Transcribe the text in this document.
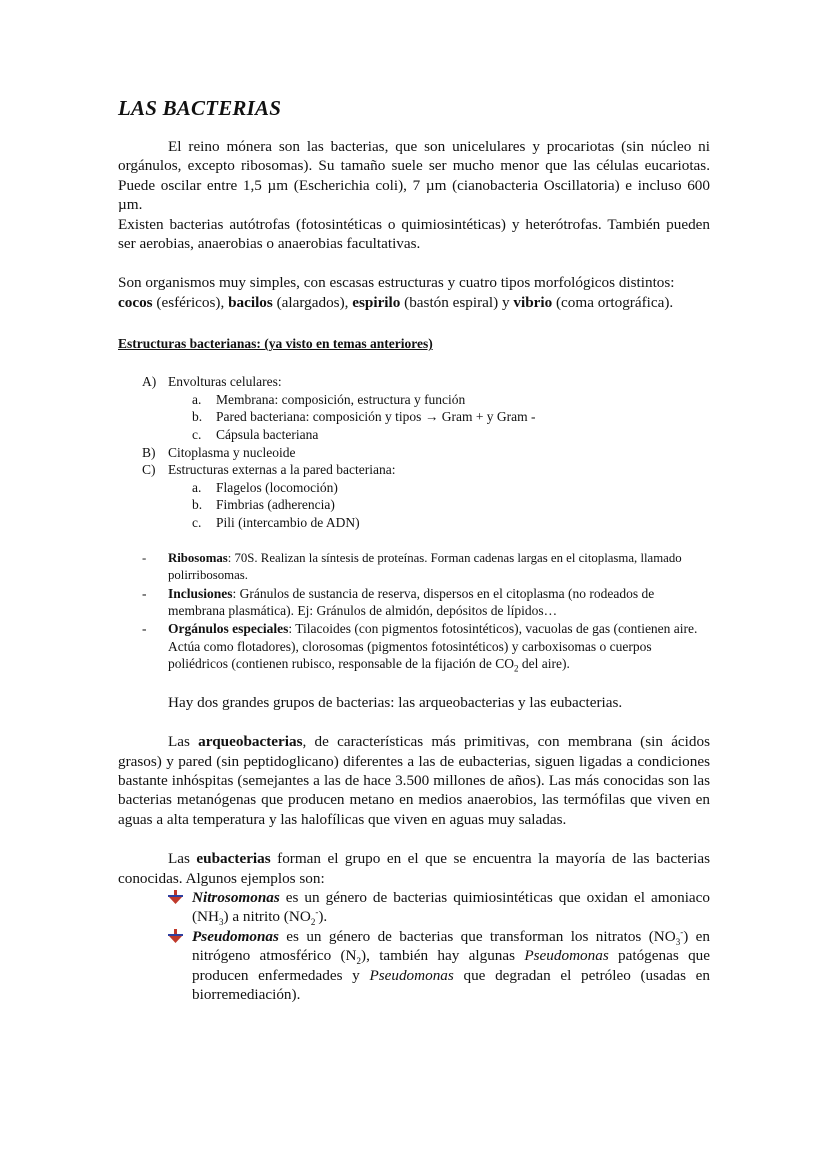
LAS BACTERIAS

El reino mónera son las bacterias, que son unicelulares y procariotas (sin núcleo ni orgánulos, excepto ribosomas). Su tamaño suele ser mucho menor que las células eucariotas. Puede oscilar entre 1,5 µm (Escherichia coli), 7 µm (cianobacteria Oscillatoria) e incluso 600 µm.

Existen bacterias autótrofas (fotosintéticas o quimiosintéticas) y heterótrofas. También pueden ser aerobias, anaerobias o anaerobias facultativas.

Son organismos muy simples, con escasas estructuras y cuatro tipos morfológicos distintos: cocos (esféricos), bacilos (alargados), espirilo (bastón espiral) y vibrio (coma ortográfica).

Estructuras bacterianas: (ya visto en temas anteriores)
A) Envolturas celulares:
a.	Membrana: composición, estructura y función
b.	Pared bacteriana: composición y tipos → Gram + y Gram -
c.	Cápsula bacteriana
B) Citoplasma y nucleoide
C) Estructuras externas a la pared bacteriana:
a.	Flagelos (locomoción)
b.	Fimbrias (adherencia)
c.	Pili (intercambio de ADN)
-	Ribosomas: 70S. Realizan la síntesis de proteínas. Forman cadenas largas en el citoplasma, llamado polirribosomas.
-	Inclusiones: Gránulos de sustancia de reserva, dispersos en el citoplasma (no rodeados de membrana plasmática). Ej: Gránulos de almidón, depósitos de lípidos…
-	Orgánulos especiales: Tilacoides (con pigmentos fotosintéticos), vacuolas de gas (contienen aire. Actúa como flotadores), clorosomas (pigmentos fotosintéticos) y carboxisomas o cuerpos poliédricos (contienen rubisco, responsable de la fijación de $CO_2$ del aire).

Hay dos grandes grupos de bacterias: las arqueobacterias y las eubacterias.

Las arqueobacterias, de características más primitivas, con membrana (sin ácidos grasos) y pared (sin peptidoglicano) diferentes a las de eubacterias, siguen ligadas a condiciones bastante inhóspitas (semejantes a las de hace 3.500 millones de años). Las más conocidas son las bacterias metanógenas que producen metano en medios anaerobios, las termófilas que viven en aguas a alta temperatura y las halofílicas que viven en aguas muy saladas.

Las eubacterias forman el grupo en el que se encuentra la mayoría de las bacterias conocidas. Algunos ejemplos son:

Nitrosomonas es un género de bacterias quimiosintéticas que oxidan el amoniaco $(NH_3)$ a nitrito $(NO_2^-)$.
Pseudomonas es un género de bacterias que transforman los nitratos $(NO_3^-)$ en nitrógeno atmosférico $(N_2)$, también hay algunas Pseudomonas patógenas que producen enfermedades y Pseudomonas que degradan el petróleo (usadas en biorremediación).
